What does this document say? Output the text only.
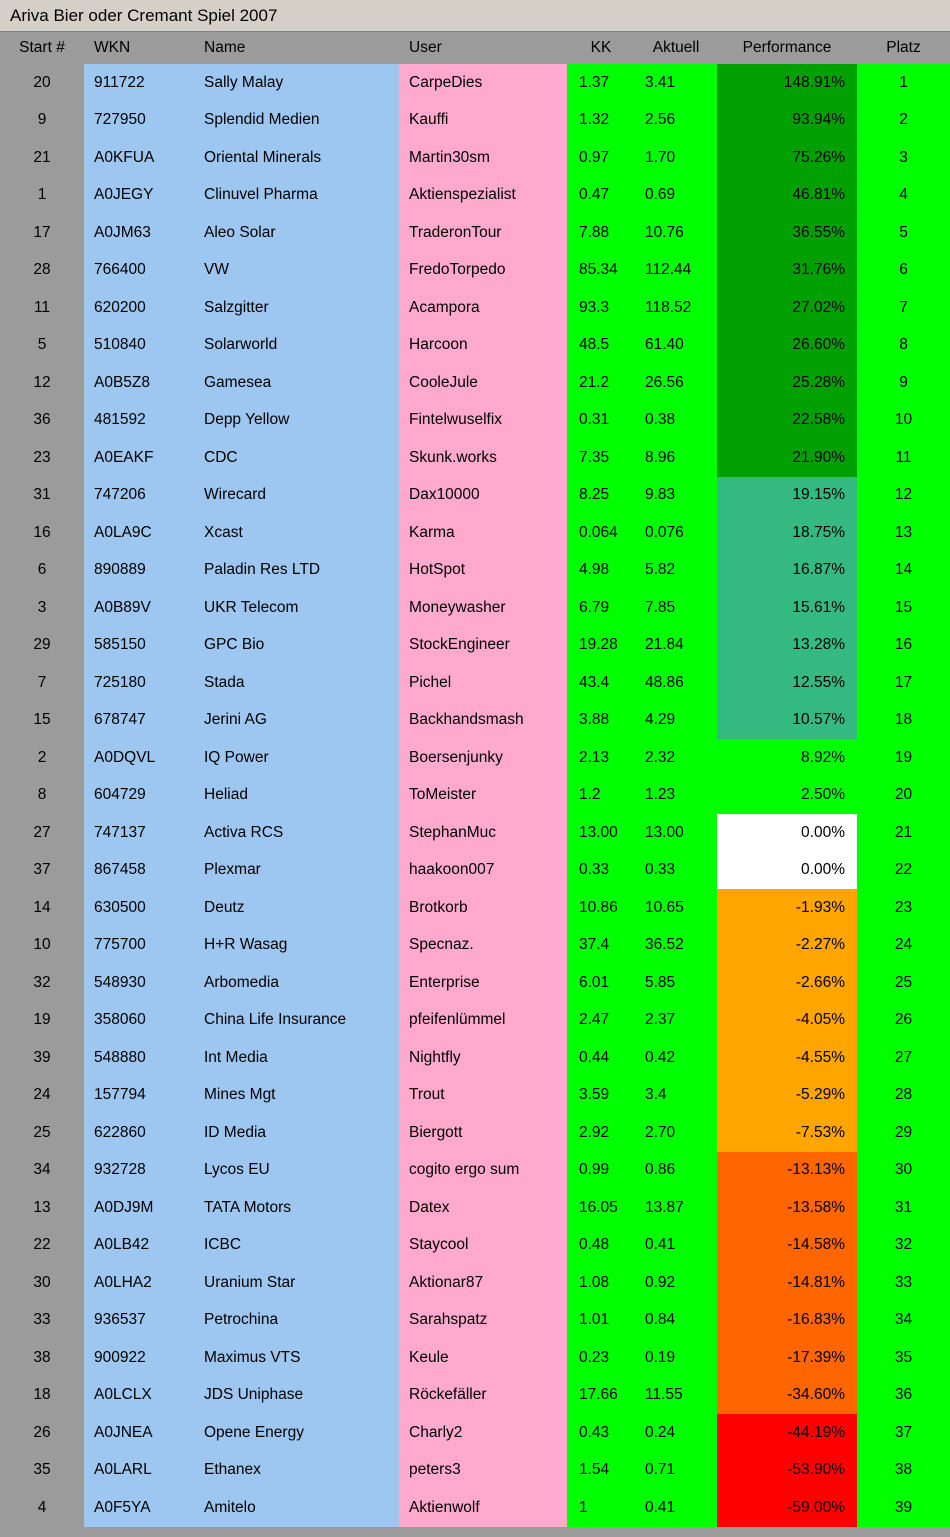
Ariva Bier oder Cremant Spiel 2007
Start #	WKN	Name	User	KK	Aktuell	Performance	Platz
20	911722	Sally Malay	CarpeDies	1.37	3.41	148.91%	1
9	727950	Splendid Medien	Kauffi	1.32	2.56	93.94%	2
21	A0KFUA	Oriental Minerals	Martin30sm	0.97	1.70	75.26%	3
1	A0JEGY	Clinuvel Pharma	Aktienspezialist	0.47	0.69	46.81%	4
17	A0JM63	Aleo Solar	TraderonTour	7.88	10.76	36.55%	5
28	766400	VW	FredoTorpedo	85.34	112.44	31.76%	6
11	620200	Salzgitter	Acampora	93.3	118.52	27.02%	7
5	510840	Solarworld	Harcoon	48.5	61.40	26.60%	8
12	A0B5Z8	Gamesea	CooleJule	21.2	26.56	25.28%	9
36	481592	Depp Yellow	Fintelwuselfix	0.31	0.38	22.58%	10
23	A0EAKF	CDC	Skunk.works	7.35	8.96	21.90%	11
31	747206	Wirecard	Dax10000	8.25	9.83	19.15%	12
16	A0LA9C	Xcast	Karma	0.064	0.076	18.75%	13
6	890889	Paladin Res LTD	HotSpot	4.98	5.82	16.87%	14
3	A0B89V	UKR Telecom	Moneywasher	6.79	7.85	15.61%	15
29	585150	GPC Bio	StockEngineer	19.28	21.84	13.28%	16
7	725180	Stada	Pichel	43.4	48.86	12.55%	17
15	678747	Jerini AG	Backhandsmash	3.88	4.29	10.57%	18
2	A0DQVL	IQ Power	Boersenjunky	2.13	2.32	8.92%	19
8	604729	Heliad	ToMeister	1.2	1.23	2.50%	20
27	747137	Activa RCS	StephanMuc	13.00	13.00	0.00%	21
37	867458	Plexmar	haakoon007	0.33	0.33	0.00%	22
14	630500	Deutz	Brotkorb	10.86	10.65	-1.93%	23
10	775700	H+R Wasag	Specnaz.	37.4	36.52	-2.27%	24
32	548930	Arbomedia	Enterprise	6.01	5.85	-2.66%	25
19	358060	China Life Insurance	pfeifenlümmel	2.47	2.37	-4.05%	26
39	548880	Int Media	Nightfly	0.44	0.42	-4.55%	27
24	157794	Mines Mgt	Trout	3.59	3.4	-5.29%	28
25	622860	ID Media	Biergott	2.92	2.70	-7.53%	29
34	932728	Lycos EU	cogito ergo sum	0.99	0.86	-13.13%	30
13	A0DJ9M	TATA Motors	Datex	16.05	13.87	-13.58%	31
22	A0LB42	ICBC	Staycool	0.48	0.41	-14.58%	32
30	A0LHA2	Uranium Star	Aktionar87	1.08	0.92	-14.81%	33
33	936537	Petrochina	Sarahspatz	1.01	0.84	-16.83%	34
38	900922	Maximus VTS	Keule	0.23	0.19	-17.39%	35
18	A0LCLX	JDS Uniphase	Röckefäller	17.66	11.55	-34.60%	36
26	A0JNEA	Opene Energy	Charly2	0.43	0.24	-44.19%	37
35	A0LARL	Ethanex	peters3	1.54	0.71	-53.90%	38
4	A0F5YA	Amitelo	Aktienwolf	1	0.41	-59.00%	39
